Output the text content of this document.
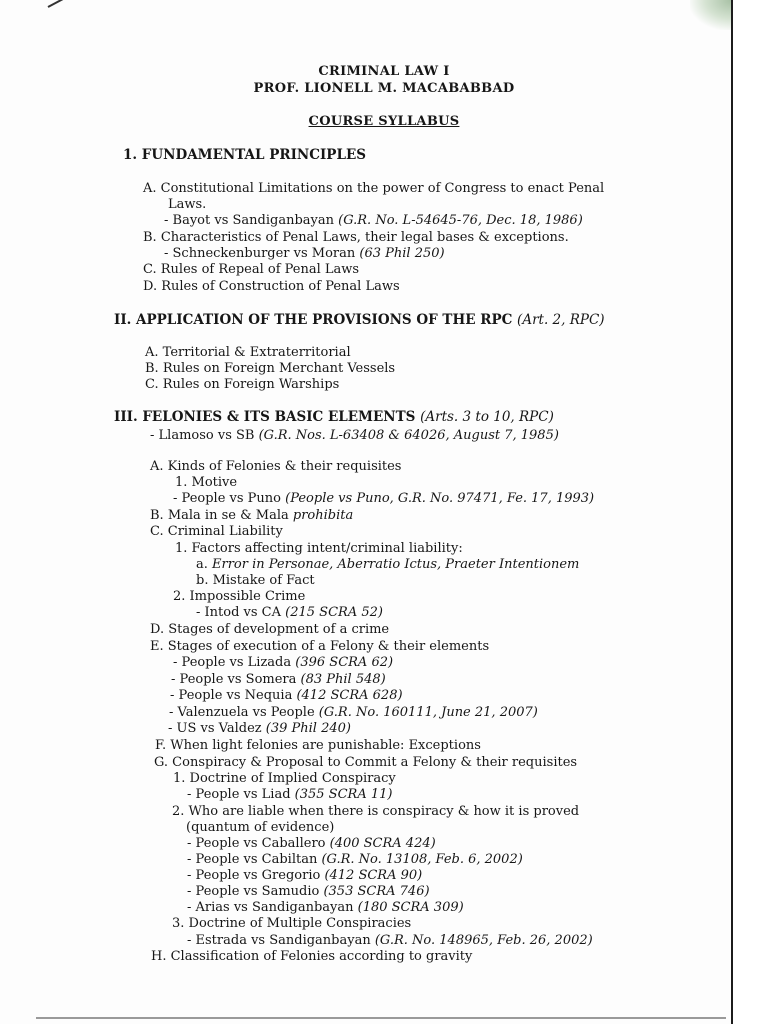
CRIMINAL LAW I
PROF. LIONELL M. MACABABBAD
COURSE SYLLABUS
1. FUNDAMENTAL PRINCIPLES
A. Constitutional Limitations on the power of Congress to enact Penal
Laws.
- Bayot vs Sandiganbayan (G.R. No. L-54645-76, Dec. 18, 1986)
B. Characteristics of Penal Laws, their legal bases & exceptions.
- Schneckenburger vs Moran (63 Phil 250)
C. Rules of Repeal of Penal Laws
D. Rules of Construction of Penal Laws
II. APPLICATION OF THE PROVISIONS OF THE RPC (Art. 2, RPC)
A. Territorial & Extraterritorial
B. Rules on Foreign Merchant Vessels
C. Rules on Foreign Warships
III. FELONIES & ITS BASIC ELEMENTS (Arts. 3 to 10, RPC)
- Llamoso vs SB (G.R. Nos. L-63408 & 64026, August 7, 1985)
A. Kinds of Felonies & their requisites
1. Motive
- People vs Puno (People vs Puno, G.R. No. 97471, Fe. 17, 1993)
B. Mala in se & Mala prohibita
C. Criminal Liability
1. Factors affecting intent/criminal liability:
a. Error in Personae, Aberratio Ictus, Praeter Intentionem
b. Mistake of Fact
2. Impossible Crime
- Intod vs CA (215 SCRA 52)
D. Stages of development of a crime
E. Stages of execution of a Felony & their elements
- People vs Lizada (396 SCRA 62)
- People vs Somera (83 Phil 548)
- People vs Nequia (412 SCRA 628)
- Valenzuela vs People (G.R. No. 160111, June 21, 2007)
- US vs Valdez (39 Phil 240)
F. When light felonies are punishable: Exceptions
G. Conspiracy & Proposal to Commit a Felony & their requisites
1. Doctrine of Implied Conspiracy
- People vs Liad (355 SCRA 11)
2. Who are liable when there is conspiracy & how it is proved
(quantum of evidence)
- People vs Caballero (400 SCRA 424)
- People vs Cabiltan (G.R. No. 13108, Feb. 6, 2002)
- People vs Gregorio (412 SCRA 90)
- People vs Samudio (353 SCRA 746)
- Arias vs Sandiganbayan (180 SCRA 309)
3. Doctrine of Multiple Conspiracies
- Estrada vs Sandiganbayan (G.R. No. 148965, Feb. 26, 2002)
H. Classification of Felonies according to gravity
